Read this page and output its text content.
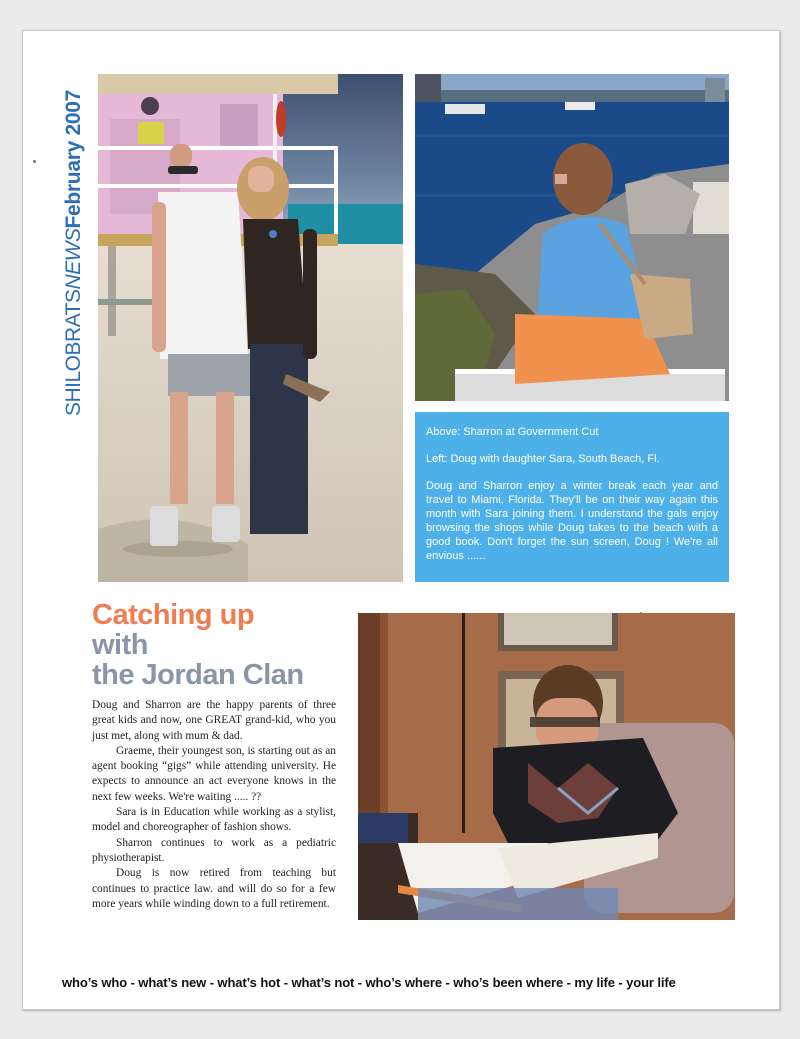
SHILOBRATSNEWSFebruary 2007

Above: Sharron at Government Cut

Left: Doug with daughter Sara, South Beach, Fl.

Doug and Sharron enjoy a winter break each year and travel to Miami, Florida. They'll be on their way again this month with Sara joining them. I understand the gals enjoy browsing the shops while Doug takes to the beach with a good book. Don't forget the sun screen, Doug ! We're all envious ......

Catching up
with
the Jordan Clan

Doug and Sharron are the happy parents of three great kids and now, one GREAT grand-kid, who you just met, along with mum & dad.

Graeme, their youngest son, is starting out as an agent booking “gigs” while attending university. He expects to announce an act everyone knows in the next few weeks. We're waiting ..... ??

Sara is in Education while working as a stylist, model and choreographer of fashion shows.

Sharron continues to work as a pediatric physiotherapist.

Doug is now retired from teaching but continues to practice law. and will do so for a few more years while winding down to a full retirement.

who’s who - what’s new - what’s hot - what’s not - who’s where - who’s been where - my life - your life
